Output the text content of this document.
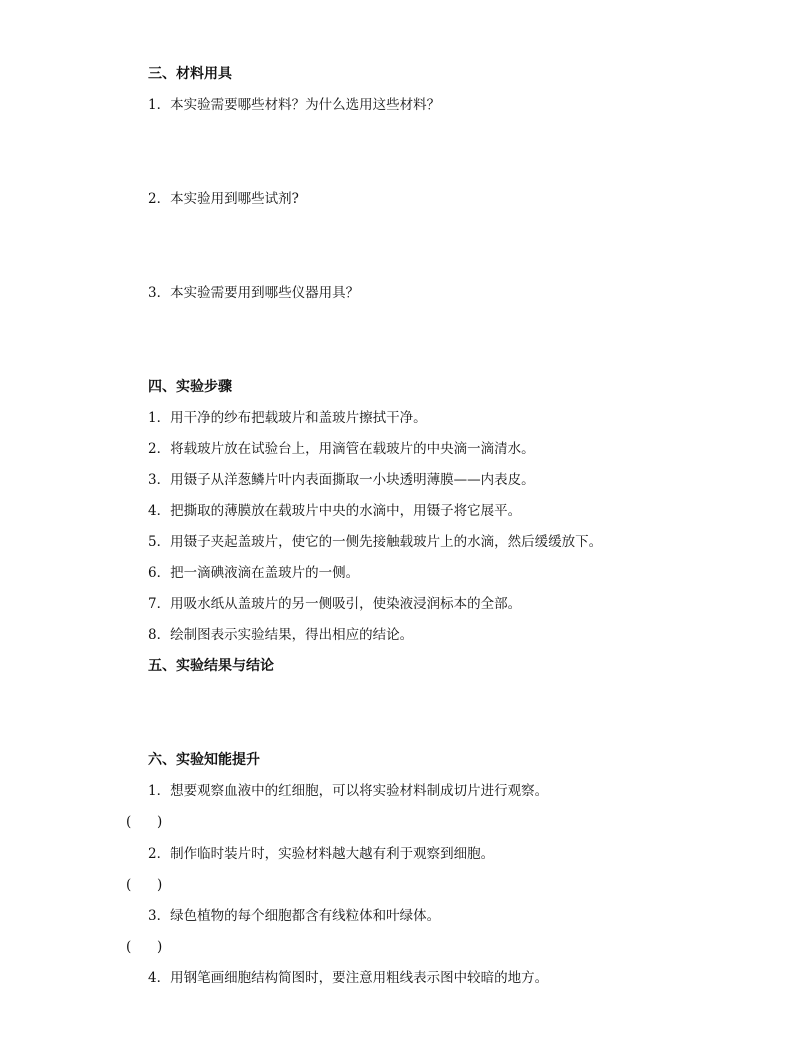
三、材料用具
1．本实验需要哪些材料？为什么选用这些材料？
2．本实验用到哪些试剂?
3．本实验需要用到哪些仪器用具？
四、实验步骤
1．用干净的纱布把载玻片和盖玻片擦拭干净。
2．将载玻片放在试验台上，用滴管在载玻片的中央滴一滴清水。
3．用镊子从洋葱鳞片叶内表面撕取一小块透明薄膜——内表皮。
4．把撕取的薄膜放在载玻片中央的水滴中，用镊子将它展平。
5．用镊子夹起盖玻片，使它的一侧先接触载玻片上的水滴，然后缓缓放下。
6．把一滴碘液滴在盖玻片的一侧。
7．用吸水纸从盖玻片的另一侧吸引，使染液浸润标本的全部。
8．绘制图表示实验结果，得出相应的结论。
五、实验结果与结论
六、实验知能提升
1．想要观察血液中的红细胞，可以将实验材料制成切片进行观察。
(      )
2．制作临时装片时，实验材料越大越有利于观察到细胞。
(      )
3．绿色植物的每个细胞都含有线粒体和叶绿体。
(      )
4．用钢笔画细胞结构简图时，要注意用粗线表示图中较暗的地方。
